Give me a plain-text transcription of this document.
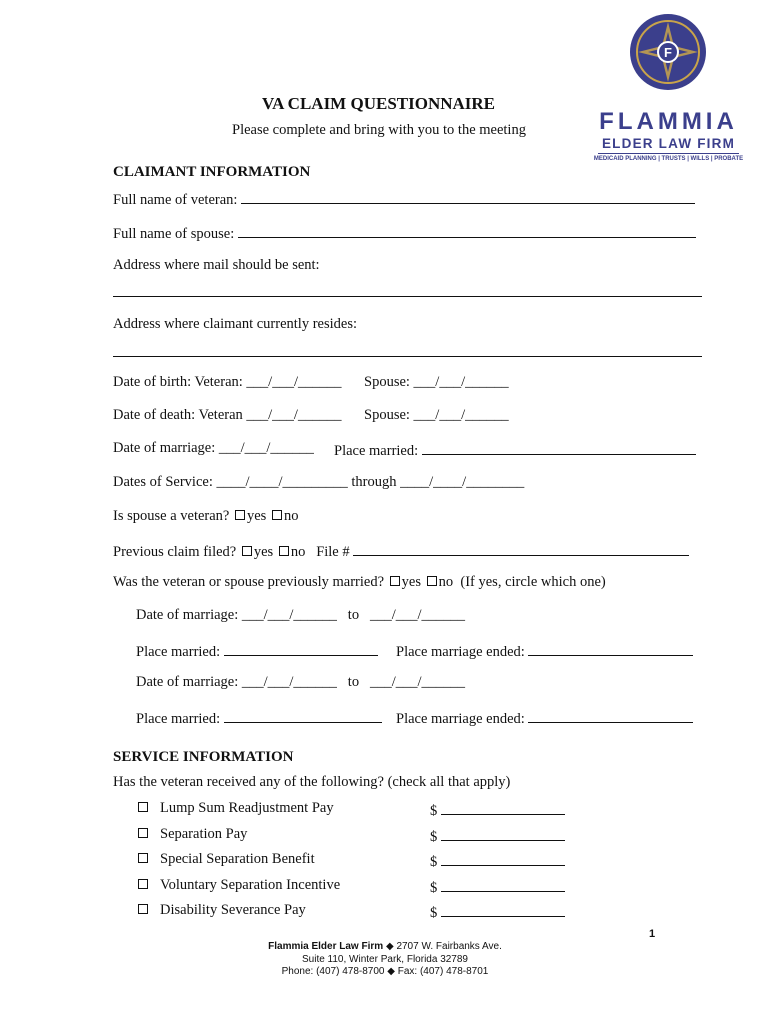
F
FLAMMIA
ELDER LAW FIRM
MEDICAID PLANNING | TRUSTS | WILLS | PROBATE
VA CLAIM QUESTIONNAIRE
Please complete and bring with you to the meeting
CLAIMANT INFORMATION
Full name of veteran:
Full name of spouse:
Address where mail should be sent:
Address where claimant currently resides:
Date of birth: Veteran: ___/___/______ Spouse: ___/___/______
Date of death: Veteran ___/___/______ Spouse: ___/___/______
Date of marriage: ___/___/______ Place married:
Dates of Service: ____/____/_________ through ____/____/________
Is spouse a veteran? yes no
Previous claim filed? yes no File #
Was the veteran or spouse previously married? yes no (If yes, circle which one)
Date of marriage: ___/___/______   to   ___/___/______
Place married:	Place marriage ended:
Date of marriage: ___/___/______   to   ___/___/______
Place married:	Place marriage ended:
SERVICE INFORMATION
Has the veteran received any of the following? (check all that apply)
Lump Sum Readjustment Pay	$
Separation Pay	$
Special Separation Benefit	$
Voluntary Separation Incentive	$
Disability Severance Pay	$
1
Flammia Elder Law Firm ◆ 2707 W. Fairbanks Ave.
Suite 110, Winter Park, Florida 32789
Phone: (407) 478-8700 ◆ Fax: (407) 478-8701
